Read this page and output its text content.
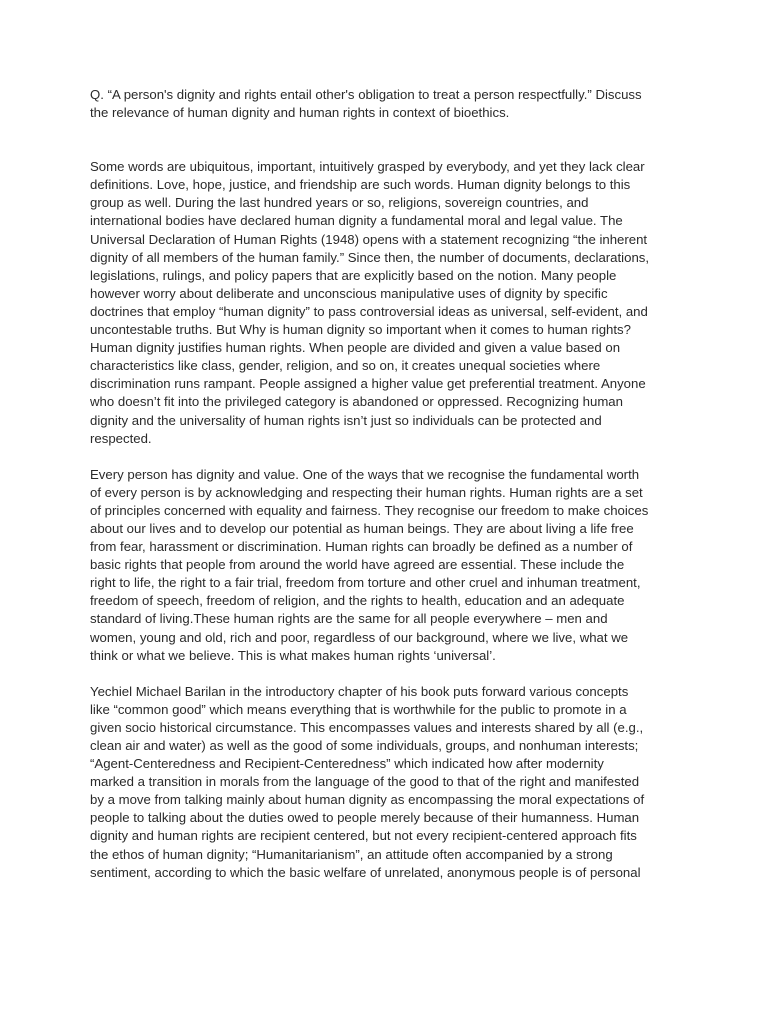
Q. “A person's dignity and rights entail other's obligation to treat a person respectfully.” Discuss
the relevance of human dignity and human rights in context of bioethics.

Some words are ubiquitous, important, intuitively grasped by everybody, and yet they lack clear
definitions. Love, hope, justice, and friendship are such words. Human dignity belongs to this
group as well. During the last hundred years or so, religions, sovereign countries, and
international bodies have declared human dignity a fundamental moral and legal value. The
Universal Declaration of Human Rights (1948) opens with a statement recognizing “the inherent
dignity of all members of the human family.” Since then, the number of documents, declarations,
legislations, rulings, and policy papers that are explicitly based on the notion. Many people
however worry about deliberate and unconscious manipulative uses of dignity by specific
doctrines that employ “human dignity” to pass controversial ideas as universal, self-evident, and
uncontestable truths. But Why is human dignity so important when it comes to human rights?
Human dignity justifies human rights. When people are divided and given a value based on
characteristics like class, gender, religion, and so on, it creates unequal societies where
discrimination runs rampant. People assigned a higher value get preferential treatment. Anyone
who doesn’t fit into the privileged category is abandoned or oppressed. Recognizing human
dignity and the universality of human rights isn’t just so individuals can be protected and
respected.

Every person has dignity and value. One of the ways that we recognise the fundamental worth
of every person is by acknowledging and respecting their human rights. Human rights are a set
of principles concerned with equality and fairness. They recognise our freedom to make choices
about our lives and to develop our potential as human beings. They are about living a life free
from fear, harassment or discrimination. Human rights can broadly be defined as a number of
basic rights that people from around the world have agreed are essential. These include the
right to life, the right to a fair trial, freedom from torture and other cruel and inhuman treatment,
freedom of speech, freedom of religion, and the rights to health, education and an adequate
standard of living.These human rights are the same for all people everywhere – men and
women, young and old, rich and poor, regardless of our background, where we live, what we
think or what we believe. This is what makes human rights ‘universal’.

Yechiel Michael Barilan in the introductory chapter of his book puts forward various concepts
like “common good” which means everything that is worthwhile for the public to promote in a
given socio historical circumstance. This encompasses values and interests shared by all (e.g.,
clean air and water) as well as the good of some individuals, groups, and nonhuman interests;
“Agent-Centeredness and Recipient-Centeredness” which indicated how after modernity
marked a transition in morals from the language of the good to that of the right and manifested
by a move from talking mainly about human dignity as encompassing the moral expectations of
people to talking about the duties owed to people merely because of their humanness. Human
dignity and human rights are recipient centered, but not every recipient-centered approach fits
the ethos of human dignity; “Humanitarianism”, an attitude often accompanied by a strong
sentiment, according to which the basic welfare of unrelated, anonymous people is of personal
